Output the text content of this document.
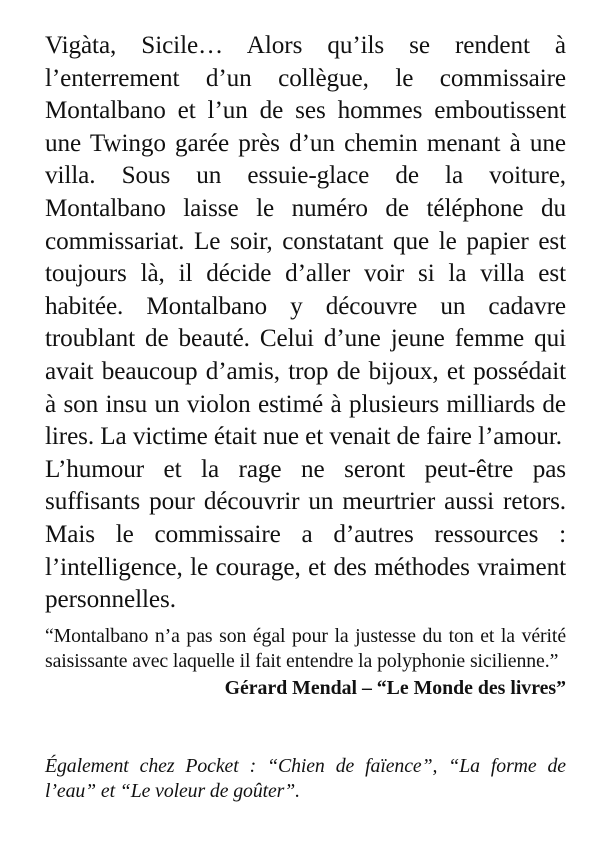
Vigàta, Sicile… Alors qu’ils se rendent à l’enterrement d’un collègue, le commissaire Montalbano et l’un de ses hommes emboutissent une Twingo garée près d’un chemin menant à une villa. Sous un essuie-glace de la voiture, Montalbano laisse le numéro de téléphone du commissariat. Le soir, constatant que le papier est toujours là, il décide d’aller voir si la villa est habitée. Montalbano y découvre un cadavre troublant de beauté. Celui d’une jeune femme qui avait beaucoup d’amis, trop de bijoux, et possédait à son insu un violon estimé à plusieurs milliards de lires. La victime était nue et venait de faire l’amour.

L’humour et la rage ne seront peut-être pas suffisants pour découvrir un meurtrier aussi retors. Mais le commissaire a d’autres ressources : l’intelligence, le courage, et des méthodes vraiment personnelles.

“Montalbano n’a pas son égal pour la justesse du ton et la vérité saisissante avec laquelle il fait entendre la polyphonie sicilienne.”

Gérard Mendal – “Le Monde des livres”

Également chez Pocket : “Chien de faïence”, “La forme de l’eau” et “Le voleur de goûter”.
